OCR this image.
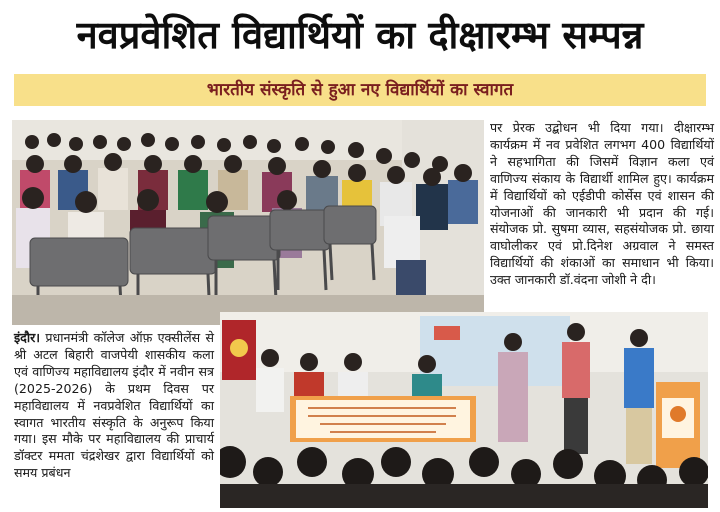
नवप्रवेशित विद्यार्थियों का दीक्षारम्भ सम्पन्न
भारतीय संस्कृति से हुआ नए विद्यार्थियों का स्वागत

पर प्रेरक उद्बोधन भी दिया गया। दीक्षारम्भ कार्यक्रम में नव प्रवेशित लगभग 400 विद्यार्थियों ने सहभागिता की जिसमें विज्ञान कला एवं वाणिज्य संकाय के विद्यार्थी शामिल हुए। कार्यक्रम में विद्यार्थियों को एईडीपी कोर्सेस एवं शासन की योजनाओं की जानकारी भी प्रदान की गई। संयोजक प्रो. सुषमा व्यास, सहसंयोजक प्रो. छाया वाघोलीकर एवं प्रो.दिनेश अग्रवाल ने समस्त विद्यार्थियों की शंकाओं का समाधान भी किया। उक्त जानकारी डॉ.वंदना जोशी ने दी।

इंदौर। प्रधानमंत्री कॉलेज ऑफ़ एक्सीलेंस से श्री अटल बिहारी वाजपेयी शासकीय कला एवं वाणिज्य महाविद्यालय इंदौर में नवीन सत्र (2025-2026) के प्रथम दिवस पर महाविद्यालय में नवप्रवेशित विद्यार्थियों का स्वागत भारतीय संस्कृति के अनुरूप किया गया। इस मौके पर महाविद्यालय की प्राचार्य डॉक्टर ममता चंद्रशेखर द्वारा विद्यार्थियों को समय प्रबंधन
